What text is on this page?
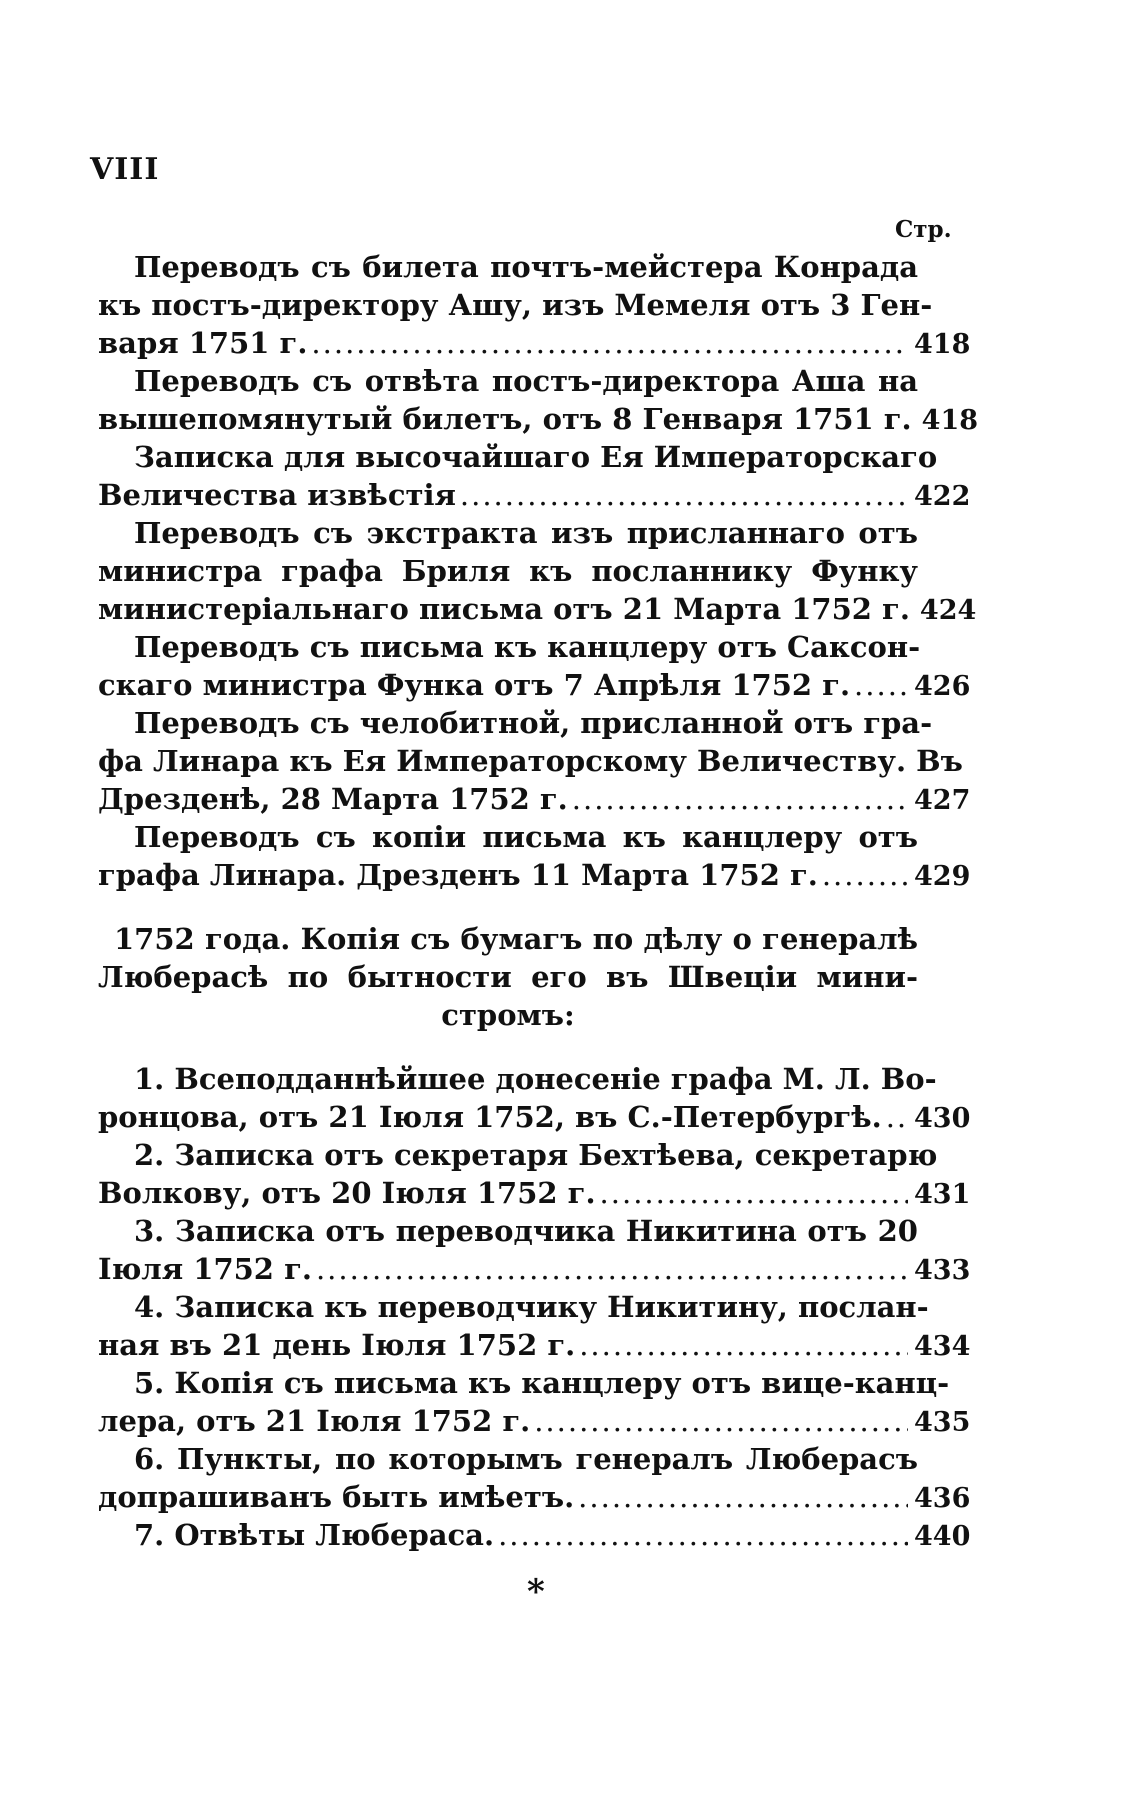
VIII
Стр.
Переводъ съ билета почтъ-мейстера Конрада
къ постъ-директору Ашу, изъ Мемеля отъ 3 Ген-
варя 1751 г. .....	418
Переводъ съ отвѣта постъ-директора Аша на
вышепомянутый билетъ, отъ 8 Генваря 1751 г. 418
Записка для высочайшаго Ея Императорскаго
Величества извѣстія .....	422
Переводъ съ экстракта изъ присланнаго отъ
министра графа Бриля къ посланнику Функу
министеріальнаго письма отъ 21 Марта 1752 г. 424
Переводъ съ письма къ канцлеру отъ Саксон-
скаго министра Функа отъ 7 Апрѣля 1752 г. ..... 426
Переводъ съ челобитной, присланной отъ гра-
фа Линара къ Ея Императорскому Величеству. Въ
Дрезденѣ, 28 Марта 1752 г. .....	427
Переводъ съ копіи письма къ канцлеру отъ
графа Линара. Дрезденъ 11 Марта 1752 г. .....	429
1752 года. Копія съ бумагъ по дѣлу о генералѣ
Люберасѣ по бытности его въ Швеціи мини-
стромъ:
1. Всеподданнѣйшее донесеніе графа М. Л. Во-
ронцова, отъ 21 Іюля 1752, въ С.-Петербургѣ. ..... 430
2. Записка отъ секретаря Бехтѣева, секретарю
Волкову, отъ 20 Іюля 1752 г. .....	431
3. Записка отъ переводчика Никитина отъ 20
Іюля 1752 г. .....	433
4. Записка къ переводчику Никитину, послан-
ная въ 21 день Іюля 1752 г. .....	434
5. Копія съ письма къ канцлеру отъ вице-канц-
лера, отъ 21 Іюля 1752 г. .....	435
6. Пункты, по которымъ генералъ Люберасъ
допрашиванъ быть имѣетъ. .....	436
7. Отвѣты Любераса. .....	440
*
